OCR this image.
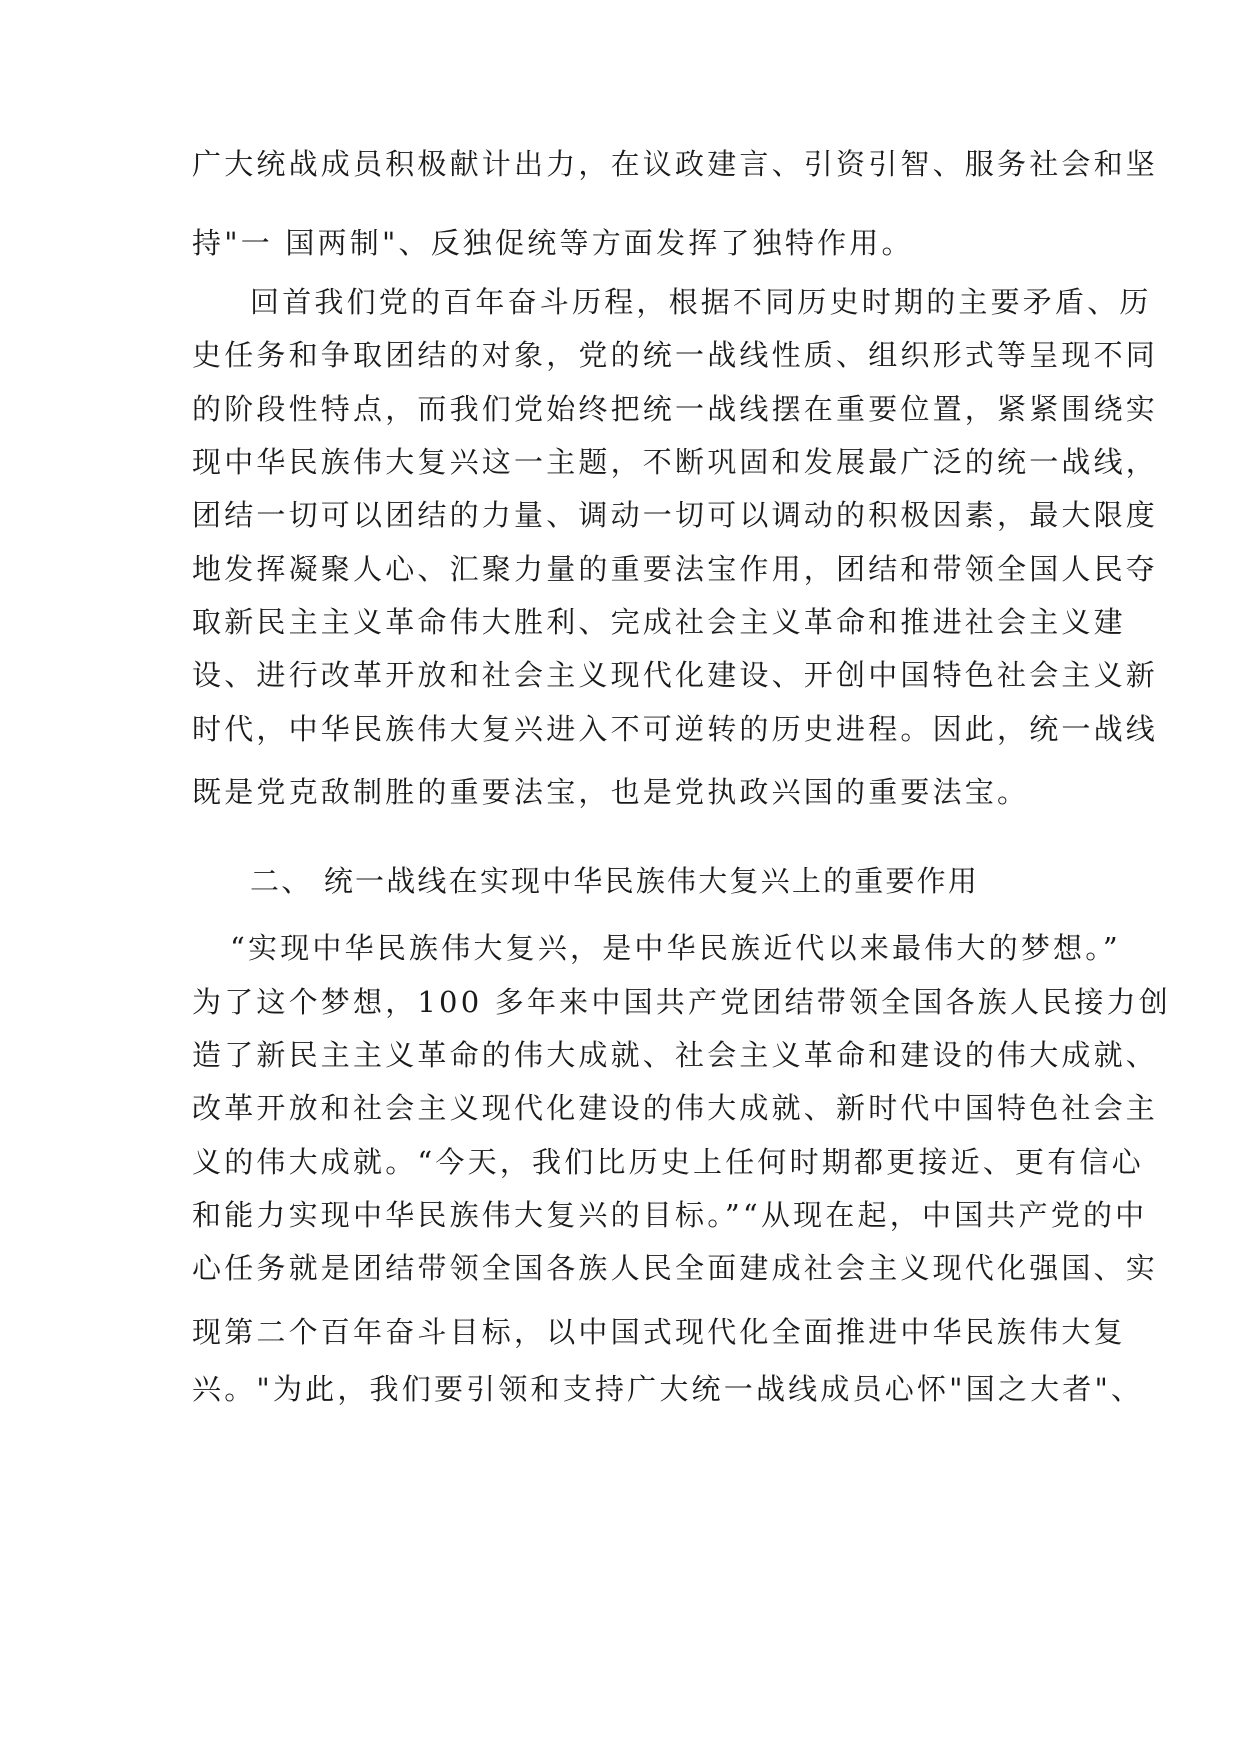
广大统战成员积极献计出力，在议政建言、引资引智、服务社会和坚
持"一 国两制"、反独促统等方面发挥了独特作用。
回首我们党的百年奋斗历程，根据不同历史时期的主要矛盾、历
史任务和争取团结的对象，党的统一战线性质、组织形式等呈现不同
的阶段性特点，而我们党始终把统一战线摆在重要位置，紧紧围绕实
现中华民族伟大复兴这一主题，不断巩固和发展最广泛的统一战线，
团结一切可以团结的力量、调动一切可以调动的积极因素，最大限度
地发挥凝聚人心、汇聚力量的重要法宝作用，团结和带领全国人民夺
取新民主主义革命伟大胜利、完成社会主义革命和推进社会主义建
设、进行改革开放和社会主义现代化建设、开创中国特色社会主义新
时代，中华民族伟大复兴进入不可逆转的历史进程。因此，统一战线
既是党克敌制胜的重要法宝，也是党执政兴国的重要法宝。
二、 统一战线在实现中华民族伟大复兴上的重要作用
“实现中华民族伟大复兴，是中华民族近代以来最伟大的梦想。”
为了这个梦想，100 多年来中国共产党团结带领全国各族人民接力创
造了新民主主义革命的伟大成就、社会主义革命和建设的伟大成就、
改革开放和社会主义现代化建设的伟大成就、新时代中国特色社会主
义的伟大成就。“今天，我们比历史上任何时期都更接近、更有信心
和能力实现中华民族伟大复兴的目标。”“从现在起，中国共产党的中
心任务就是团结带领全国各族人民全面建成社会主义现代化强国、实
现第二个百年奋斗目标，以中国式现代化全面推进中华民族伟大复
兴。"为此，我们要引领和支持广大统一战线成员心怀"国之大者"、
